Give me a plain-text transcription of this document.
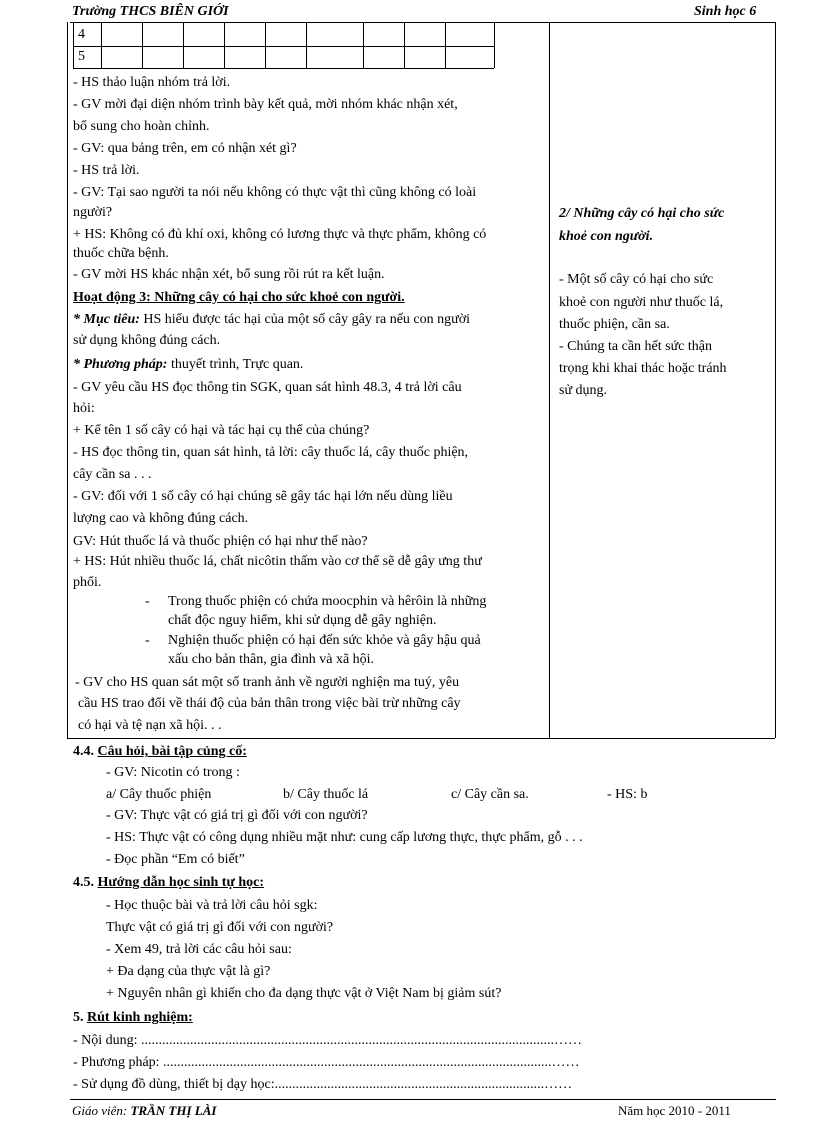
Trường THCS BIÊN GIỚI	Sinh học 6
4
5
- HS thảo luận nhóm trả lời.
- GV mời đại diện nhóm trình bày kết quả, mời nhóm khác nhận xét,
bổ sung cho hoàn chỉnh.
- GV: qua bảng trên, em có nhận xét gì?
- HS trả lời.
- GV: Tại sao người ta nói nếu không có thực vật thì cũng không có loài
người?
+ HS: Không có đủ khí oxi, không có lương thực và thực phẩm, không có
thuốc chữa bệnh.
- GV mời HS khác nhận xét, bổ sung rồi rút ra kết luận.
Hoạt động 3: Những cây có hại cho sức khoẻ con người.
* Mục tiêu: HS hiểu được tác hại của một số cây gây ra nếu con người
sử dụng không đúng cách.
* Phương pháp: thuyết trình, Trực quan.
- GV yêu cầu HS đọc thông tin SGK, quan sát hình 48.3, 4 trả lời câu
hỏi:
+ Kể tên 1 số cây có hại và tác hại cụ thể của chúng?
- HS đọc thông tin, quan sát hình, tả lời: cây thuốc lá, cây thuốc phiện,
cây cần sa . . .
- GV: đối với 1 số cây có hại chúng sẽ gây tác hại lớn nếu dùng liều
lượng cao và không đúng cách.
GV: Hút thuốc lá và thuốc phiện có hại như thế nào?
+ HS: Hút nhiều thuốc lá, chất nicôtin thấm vào cơ thể sẽ dễ gây ưng thư
phổi.
- Trong thuốc phiện có chứa moocphin và hêrôin là những
chất độc nguy hiểm, khi sử dụng dễ gây nghiện.
- Nghiện thuốc phiện có hại đến sức khỏe và gây hậu quả
xấu cho bản thân, gia đình và xã hội.
- GV cho HS quan sát một số tranh ảnh về người nghiện ma tuý, yêu
cầu HS trao đổi về thái độ của bản thân trong việc bài trừ những cây
có hại và tệ nạn xã hội. . .
2/ Những cây có hại cho sức
khoẻ con người.
- Một số cây có hại cho sức
khoẻ con người như thuốc lá,
thuốc phiện, cần sa.
- Chúng ta cần hết sức thận
trọng khi khai thác hoặc tránh
sử dụng.
4.4. Câu hỏi, bài tập củng cố:
- GV: Nicotin có trong :
a/ Cây thuốc phiện	b/ Cây thuốc lá	c/ Cây cần sa.	- HS: b
- GV: Thực vật có giá trị gì đối với con người?
- HS: Thực vật có công dụng nhiều mặt như: cung cấp lương thực, thực phẩm, gỗ . . .
- Đọc phần “Em có biết”
4.5. Hướng dẫn học sinh tự học:
- Học thuộc bài và trả lời câu hỏi sgk:
Thực vật có giá trị gì đối với con người?
- Xem 49, trả lời các câu hỏi sau:
+ Đa dạng của thực vật là gì?
+ Nguyên nhân gì khiến cho đa dạng thực vật ở Việt Nam bị giảm sút?
5. Rút kinh nghiệm:
- Nội dung: ......................................................................................................................……
- Phương pháp: ...............................................................................................................……
- Sử dụng đồ dùng, thiết bị dạy học:.............................................................................……
Giáo viên: TRẦN THỊ LÀI	Năm học 2010 - 2011
